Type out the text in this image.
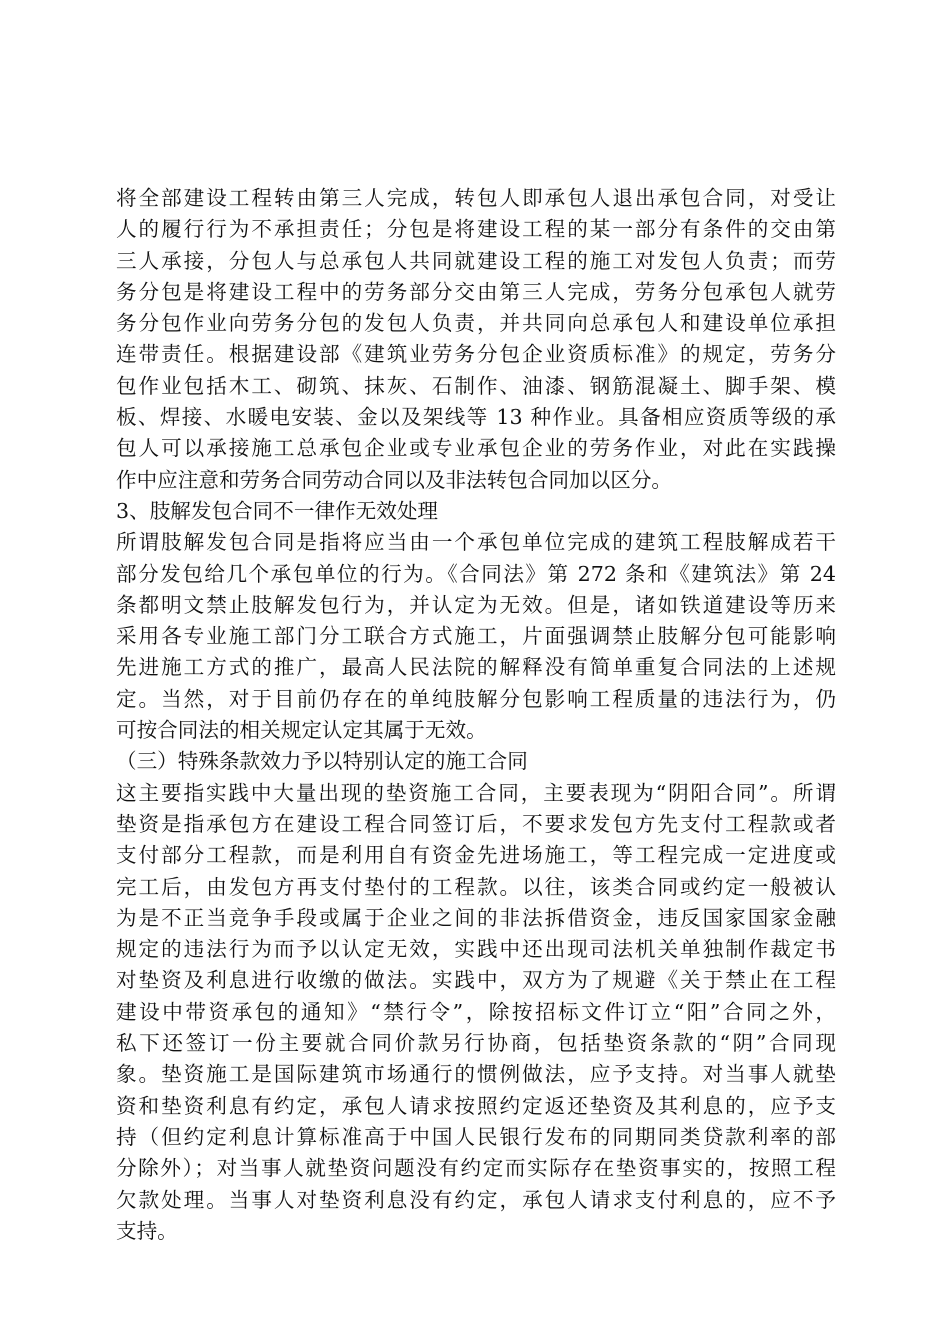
将全部建设工程转由第三人完成，转包人即承包人退出承包合同，对受让
人的履行行为不承担责任；分包是将建设工程的某一部分有条件的交由第
三人承接，分包人与总承包人共同就建设工程的施工对发包人负责；而劳
务分包是将建设工程中的劳务部分交由第三人完成，劳务分包承包人就劳
务分包作业向劳务分包的发包人负责，并共同向总承包人和建设单位承担
连带责任。根据建设部《建筑业劳务分包企业资质标准》的规定，劳务分
包作业包括木工、砌筑、抹灰、石制作、油漆、钢筋混凝土、脚手架、模
板、焊接、水暖电安装、金以及架线等 13 种作业。具备相应资质等级的承
包人可以承接施工总承包企业或专业承包企业的劳务作业，对此在实践操
作中应注意和劳务合同劳动合同以及非法转包合同加以区分。
3、肢解发包合同不一律作无效处理
所谓肢解发包合同是指将应当由一个承包单位完成的建筑工程肢解成若干
部分发包给几个承包单位的行为。《合同法》第 272 条和《建筑法》第 24
条都明文禁止肢解发包行为，并认定为无效。但是，诸如铁道建设等历来
采用各专业施工部门分工联合方式施工，片面强调禁止肢解分包可能影响
先进施工方式的推广，最高人民法院的解释没有简单重复合同法的上述规
定。当然，对于目前仍存在的单纯肢解分包影响工程质量的违法行为，仍
可按合同法的相关规定认定其属于无效。
（三）特殊条款效力予以特别认定的施工合同
这主要指实践中大量出现的垫资施工合同，主要表现为“阴阳合同”。所谓
垫资是指承包方在建设工程合同签订后，不要求发包方先支付工程款或者
支付部分工程款，而是利用自有资金先进场施工，等工程完成一定进度或
完工后，由发包方再支付垫付的工程款。以往，该类合同或约定一般被认
为是不正当竞争手段或属于企业之间的非法拆借资金，违反国家国家金融
规定的违法行为而予以认定无效，实践中还出现司法机关单独制作裁定书
对垫资及利息进行收缴的做法。实践中，双方为了规避《关于禁止在工程
建设中带资承包的通知》“禁行令”，除按招标文件订立“阳”合同之外，
私下还签订一份主要就合同价款另行协商，包括垫资条款的“阴”合同现
象。垫资施工是国际建筑市场通行的惯例做法，应予支持。对当事人就垫
资和垫资利息有约定，承包人请求按照约定返还垫资及其利息的，应予支
持（但约定利息计算标准高于中国人民银行发布的同期同类贷款利率的部
分除外）；对当事人就垫资问题没有约定而实际存在垫资事实的，按照工程
欠款处理。当事人对垫资利息没有约定，承包人请求支付利息的，应不予
支持。
